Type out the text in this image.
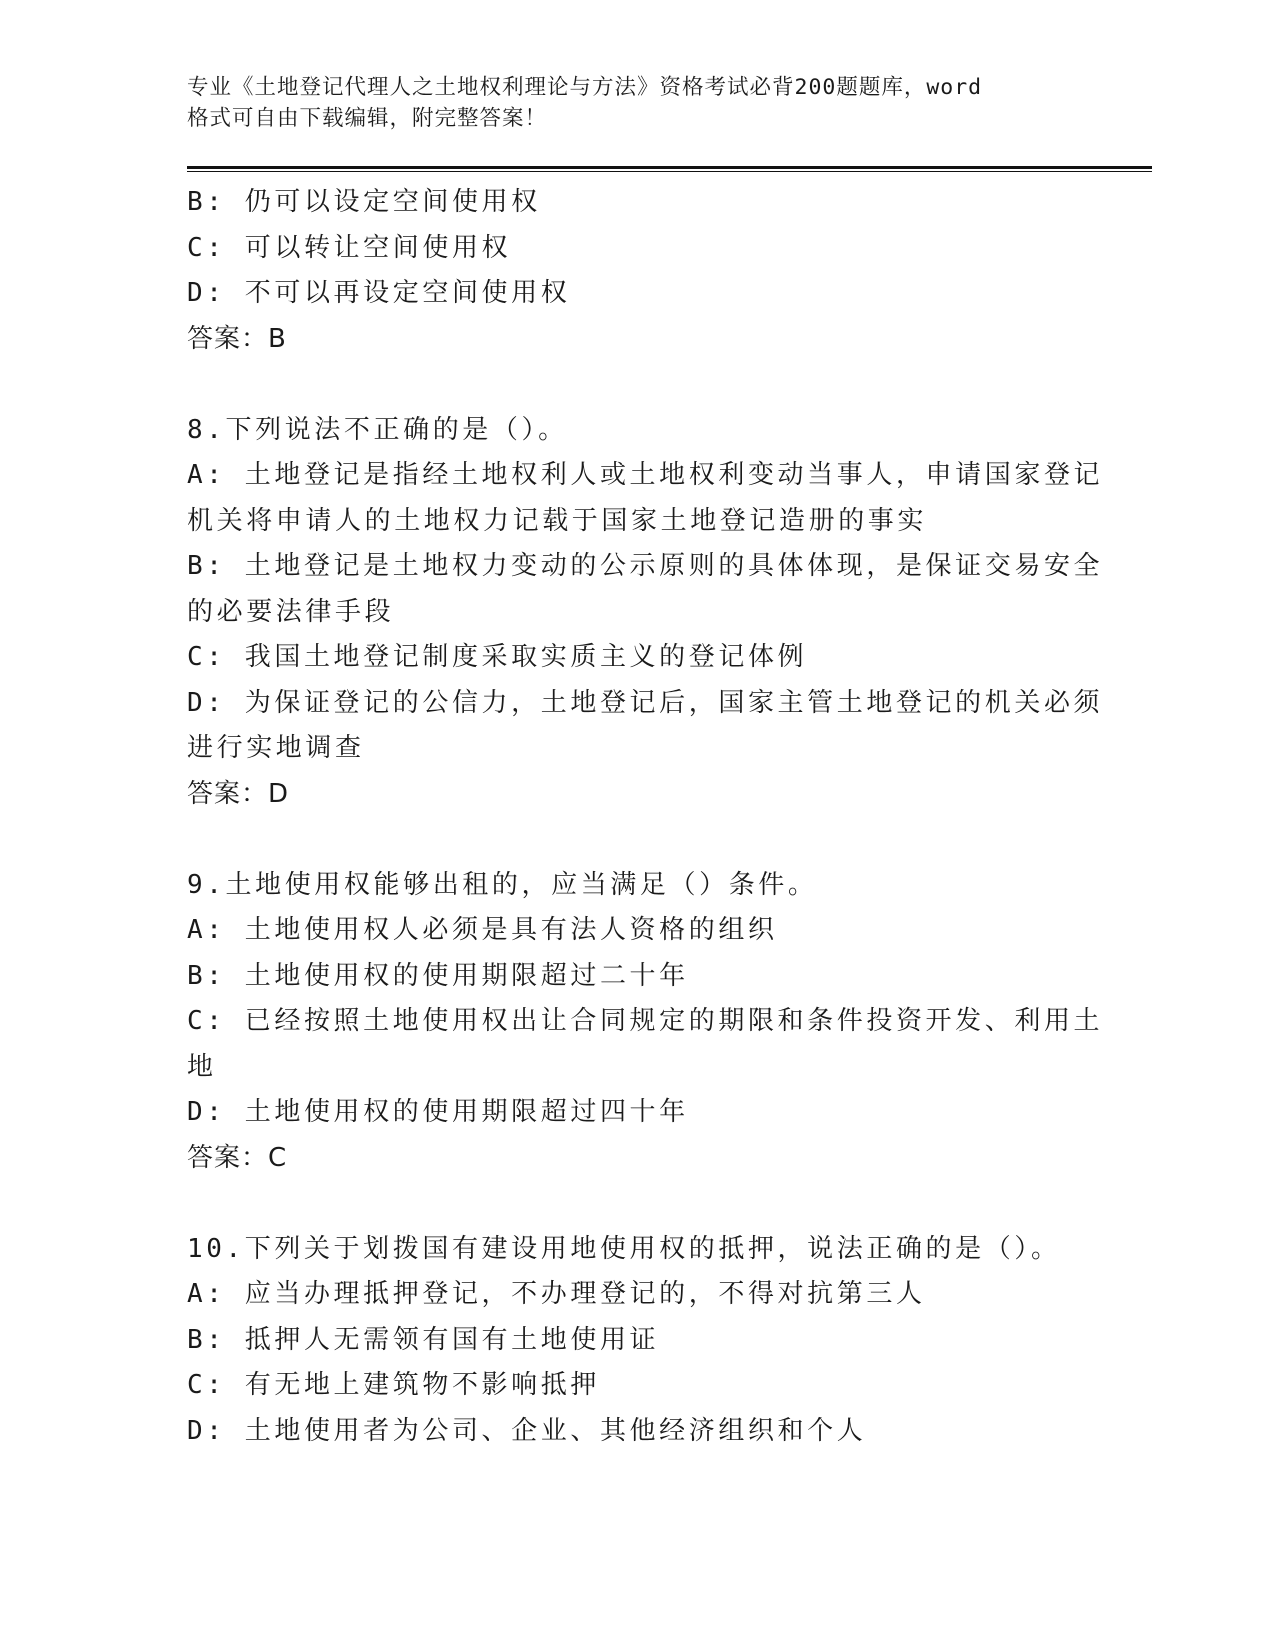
专业《土地登记代理人之土地权利理论与方法》资格考试必背200题题库，word
格式可自由下载编辑，附完整答案！
B: 仍可以设定空间使用权
C: 可以转让空间使用权
D: 不可以再设定空间使用权
答案：B
8.下列说法不正确的是（）。
A: 土地登记是指经土地权利人或土地权利变动当事人，申请国家登记
机关将申请人的土地权力记载于国家土地登记造册的事实
B: 土地登记是土地权力变动的公示原则的具体体现，是保证交易安全
的必要法律手段
C: 我国土地登记制度采取实质主义的登记体例
D: 为保证登记的公信力，土地登记后，国家主管土地登记的机关必须
进行实地调查
答案：D
9.土地使用权能够出租的，应当满足（）条件。
A: 土地使用权人必须是具有法人资格的组织
B: 土地使用权的使用期限超过二十年
C: 已经按照土地使用权出让合同规定的期限和条件投资开发、利用土
地
D: 土地使用权的使用期限超过四十年
答案：C
10.下列关于划拨国有建设用地使用权的抵押，说法正确的是（）。
A: 应当办理抵押登记，不办理登记的，不得对抗第三人
B: 抵押人无需领有国有土地使用证
C: 有无地上建筑物不影响抵押
D: 土地使用者为公司、企业、其他经济组织和个人
